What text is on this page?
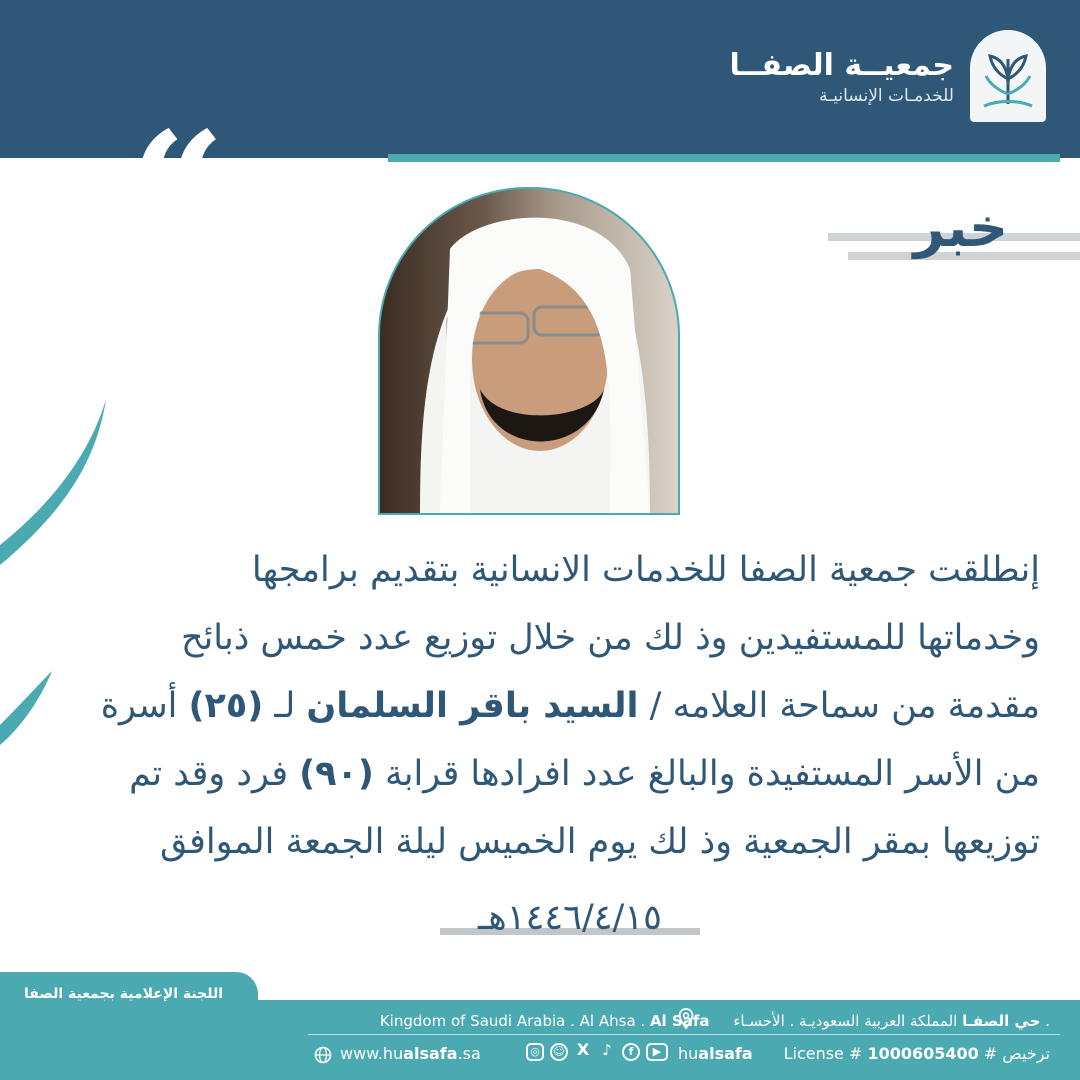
جمعيــة الصفــا
للخدمـات الإنسانيـة
“	خبر
إنطلقت جمعية الصفا للخدمات الانسانية بتقديم برامجها
وخدماتها للمستفيدين وذ لك من خلال توزيع عدد خمس ذبائح
مقدمة من سماحة العلامه / السيد باقر السلمان لـ (٢٥) أسرة
من الأسر المستفيدة والبالغ عدد افرادها قرابة (٩٠) فرد وقد تم
توزيعها بمقر الجمعية وذ لك يوم الخميس ليلة الجمعة الموافق
١٤٤٦/٤/١٥هـ
اللجنة الإعلامية بجمعية الصفا
Kingdom of Saudi Arabia . Al Ahsa . Al Safa	حي الصفـا المملكة العربية السعوديـة . الأحسـاء .
www.hualsafa.sa	◎	☺ X ♪	f	▶	hualsafa License # 1000605400 # ترخيص
